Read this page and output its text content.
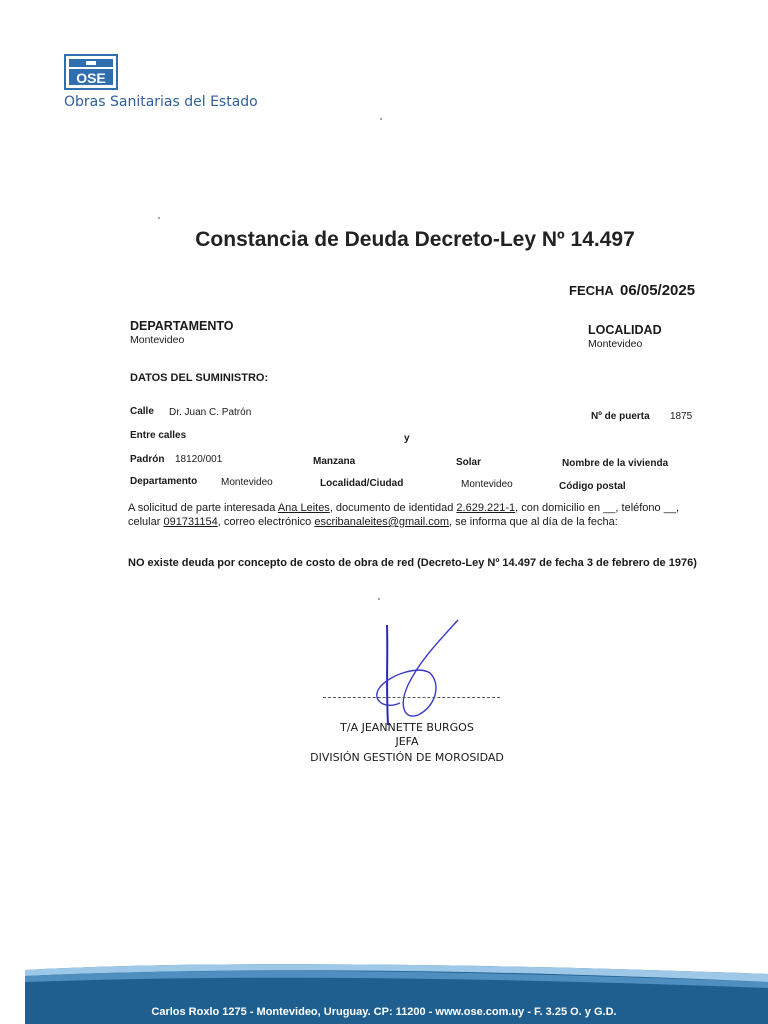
OSE
Obras Sanitarias del Estado
Constancia de Deuda Decreto-Ley Nº 14.497
FECHA 06/05/2025
DEPARTAMENTO
Montevideo
LOCALIDAD
Montevideo
DATOS DEL SUMINISTRO:
Calle Dr. Juan C. Patrón	Nº de puerta 1875
Entre calles	y
Padrón 18120/001	Manzana	Solar	Nombre de la vivienda
Departamento Montevideo	Localidad/Ciudad	Montevideo	Código postal
A solicitud de parte interesada Ana Leites, documento de identidad 2.629.221-1, con domicilio en __, teléfono __, celular 091731154, correo electrónico escribanaleites@gmail.com, se informa que al día de la fecha:
NO existe deuda por concepto de costo de obra de red (Decreto-Ley Nº 14.497 de fecha 3 de febrero de 1976)
T/A JEANNETTE BURGOS
JEFA
DIVISIÓN GESTIÓN DE MOROSIDAD
Carlos Roxlo 1275 - Montevideo, Uruguay. CP: 11200 - www.ose.com.uy - F. 3.25 O. y G.D.
